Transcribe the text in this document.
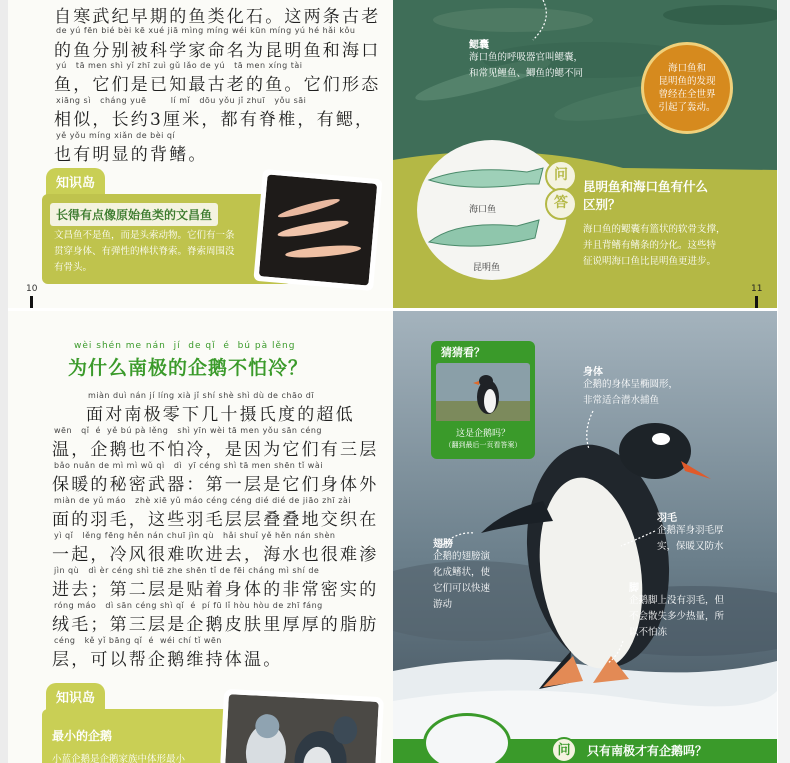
自寒武纪早期的鱼类化石。这两条古老
de yú fēn bié bèi kē xué jiā mìng míng wéi kūn míng yú hé hǎi kǒu
的鱼分别被科学家命名为昆明鱼和海口
yú   tā men shì yǐ zhī zuì gǔ lǎo de yú   tā men xíng tài
鱼，它们是已知最古老的鱼。它们形态
xiāng sì   cháng yuē        lí mǐ   dōu yǒu jǐ zhuī   yǒu sāi
相似，长约3厘米，都有脊椎，有鳃，
yě yǒu míng xiǎn de bèi qí
也有明显的背鳍。
知识岛
长得有点像原始鱼类的文昌鱼
文昌鱼不是鱼，而是头索动物。它们有一条
贯穿身体、有弹性的棒状脊索。脊索周围没
有骨头。
10
鳃囊
海口鱼的呼吸器官叫鳃囊，
和常见鲤鱼、鲫鱼的鳃不同	海口鱼和
昆明鱼的发现
曾经在全世界
引起了轰动。
海口鱼
昆明鱼
问
答
昆明鱼和海口鱼有什么
区别？
海口鱼的鳃囊有篮状的软骨支撑，
并且背鳍有鳍条的分化。这些特
征说明海口鱼比昆明鱼更进步。
11
wèi shén me nán  jí  de qǐ  é  bú pà lěng
为什么南极的企鹅不怕冷？
miàn duì nán jí líng xià jǐ shí shè shì dù de chāo dī
面对南极零下几十摄氏度的超低
wēn   qǐ  é  yě bú pà lěng   shì yīn wèi tā men yǒu sān céng
温，企鹅也不怕冷，是因为它们有三层
bǎo nuǎn de mì mì wǔ qì   dì  yī céng shì tā men shēn tǐ wài
保暖的秘密武器：第一层是它们身体外
miàn de yǔ máo   zhè xiē yǔ máo céng céng dié dié de jiāo zhī zài
面的羽毛，这些羽毛层层叠叠地交织在
yì qǐ   lěng fēng hěn nán chuī jìn qù   hǎi shuǐ yě hěn nán shèn
一起，冷风很难吹进去，海水也很难渗
jìn qù   dì èr céng shì tiē zhe shēn tǐ de fēi cháng mì shí de
进去；第二层是贴着身体的非常密实的
róng máo   dì sān céng shì qǐ  é  pí fū lǐ hòu hòu de zhī fáng
绒毛；第三层是企鹅皮肤里厚厚的脂肪
céng   kě yǐ bāng qǐ  é  wéi chí tǐ wēn
层，可以帮企鹅维持体温。
知识岛
最小的企鹅
小蓝企鹅是企鹅家族中体形最小
猜猜看？
这是企鹅吗？
（翻到最后一页看答案）
身体
企鹅的身体呈椭圆形，
非常适合潜水捕鱼
羽毛
企鹅浑身羽毛厚
实，保暖又防水
翅膀
企鹅的翅膀演
化成鳍状，使
它们可以快速
游动
脚
企鹅脚上没有羽毛，但
不会散失多少热量，所
以不怕冻
问	只有南极才有企鹅吗？
